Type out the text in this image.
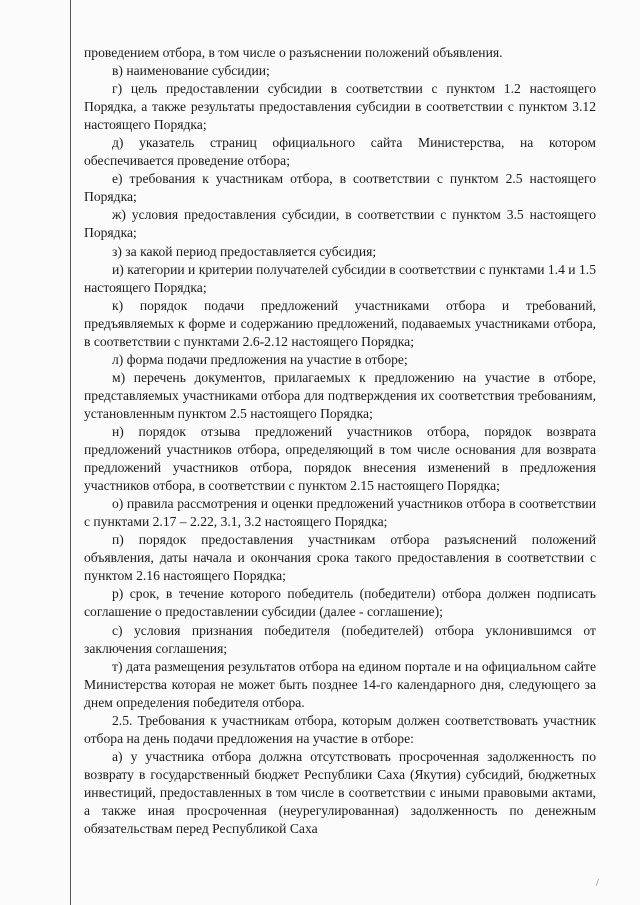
проведением отбора, в том числе о разъяснении положений объявления.

в) наименование субсидии;

г) цель предоставлении субсидии в соответствии с пунктом 1.2 настоящего Порядка, а также результаты предоставления субсидии в соответствии с пунктом 3.12 настоящего Порядка;

д) указатель страниц официального сайта Министерства, на котором обеспечивается проведение отбора;

е) требования к участникам отбора, в соответствии с пунктом 2.5 настоящего Порядка;

ж) условия предоставления субсидии, в соответствии с пунктом 3.5 настоящего Порядка;

з) за какой период предоставляется субсидия;

и) категории и критерии получателей субсидии в соответствии с пунктами 1.4 и 1.5 настоящего Порядка;

к) порядок подачи предложений участниками отбора и требований, предъявляемых к форме и содержанию предложений, подаваемых участниками отбора, в соответствии с пунктами 2.6-2.12 настоящего Порядка;

л) форма подачи предложения на участие в отборе;

м) перечень документов, прилагаемых к предложению на участие в отборе, представляемых участниками отбора для подтверждения их соответствия требованиям, установленным пунктом 2.5 настоящего Порядка;

н) порядок отзыва предложений участников отбора, порядок возврата предложений участников отбора, определяющий в том числе основания для возврата предложений участников отбора, порядок внесения изменений в предложения участников отбора, в соответствии с пунктом 2.15 настоящего Порядка;

о) правила рассмотрения и оценки предложений участников отбора в соответствии с пунктами 2.17 – 2.22, 3.1, 3.2 настоящего Порядка;

п) порядок предоставления участникам отбора разъяснений положений объявления, даты начала и окончания срока такого предоставления в соответствии с пунктом 2.16 настоящего Порядка;

р) срок, в течение которого победитель (победители) отбора должен подписать соглашение о предоставлении субсидии (далее - соглашение);

с) условия признания победителя (победителей) отбора уклонившимся от заключения соглашения;

т) дата размещения результатов отбора на едином портале и на официальном сайте Министерства которая не может быть позднее 14-го календарного дня, следующего за днем определения победителя отбора.

2.5. Требования к участникам отбора, которым должен соответствовать участник отбора на день подачи предложения на участие в отборе:

а) у участника отбора должна отсутствовать просроченная задолженность по возврату в государственный бюджет Республики Саха (Якутия) субсидий, бюджетных инвестиций, предоставленных в том числе в соответствии с иными правовыми актами, а также иная просроченная (неурегулированная) задолженность по денежным обязательствам перед Республикой Саха

/
